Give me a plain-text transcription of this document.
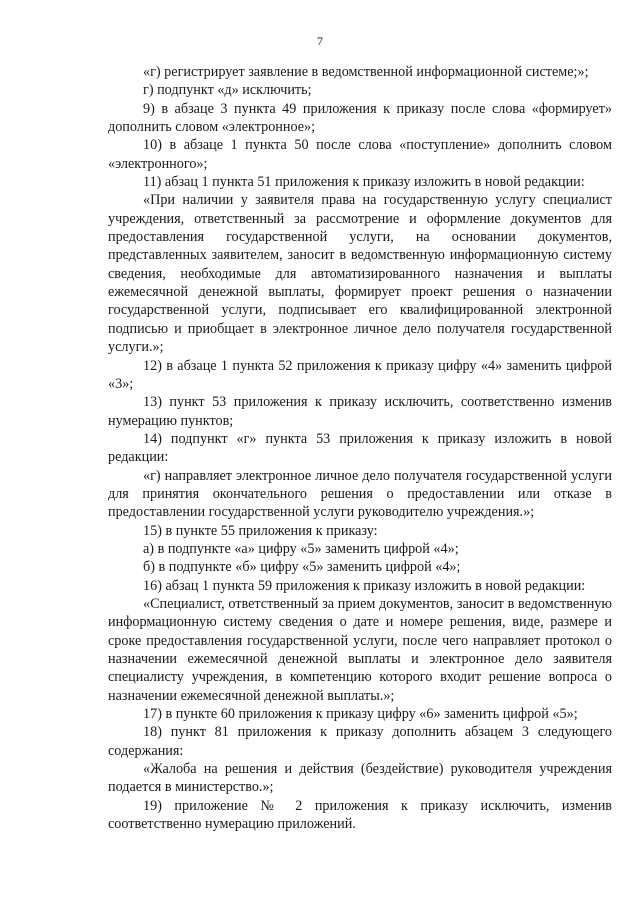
7

«г) регистрирует заявление в ведомственной информационной системе;»;

г) подпункт «д» исключить;

9) в абзаце 3 пункта 49 приложения к приказу после слова «формирует» дополнить словом «электронное»;

10) в абзаце 1 пункта 50 после слова «поступление» дополнить словом «электронного»;

11) абзац 1 пункта 51 приложения к приказу изложить в новой редакции:

«При наличии у заявителя права на государственную услугу специалист учреждения, ответственный за рассмотрение и оформление документов для предоставления государственной услуги, на основании документов, представленных заявителем, заносит в ведомственную информационную систему сведения, необходимые для автоматизированного назначения и выплаты ежемесячной денежной выплаты, формирует проект решения о назначении государственной услуги, подписывает его квалифицированной электронной подписью и приобщает в электронное личное дело получателя государственной услуги.»;

12) в абзаце 1 пункта 52 приложения к приказу цифру «4» заменить цифрой «3»;

13) пункт 53 приложения к приказу исключить, соответственно изменив нумерацию пунктов;

14) подпункт «г» пункта 53 приложения к приказу изложить в новой редакции:

«г) направляет электронное личное дело получателя государственной услуги для принятия окончательного решения о предоставлении или отказе в предоставлении государственной услуги руководителю учреждения.»;

15) в пункте 55 приложения к приказу:

а) в подпункте «а» цифру «5» заменить цифрой «4»;

б) в подпункте «б» цифру «5» заменить цифрой «4»;

16) абзац 1 пункта 59 приложения к приказу изложить в новой редакции:

«Специалист, ответственный за прием документов, заносит в ведомственную информационную систему сведения о дате и номере решения, виде, размере и сроке предоставления государственной услуги, после чего направляет протокол о назначении ежемесячной денежной выплаты и электронное дело заявителя специалисту учреждения, в компетенцию которого входит решение вопроса о назначении ежемесячной денежной выплаты.»;

17) в пункте 60 приложения к приказу цифру «6» заменить цифрой «5»;

18) пункт 81 приложения к приказу дополнить абзацем 3 следующего содержания:

«Жалоба на решения и действия (бездействие) руководителя учреждения подается в министерство.»;

19) приложение № 2 приложения к приказу исключить, изменив соответственно нумерацию приложений.
